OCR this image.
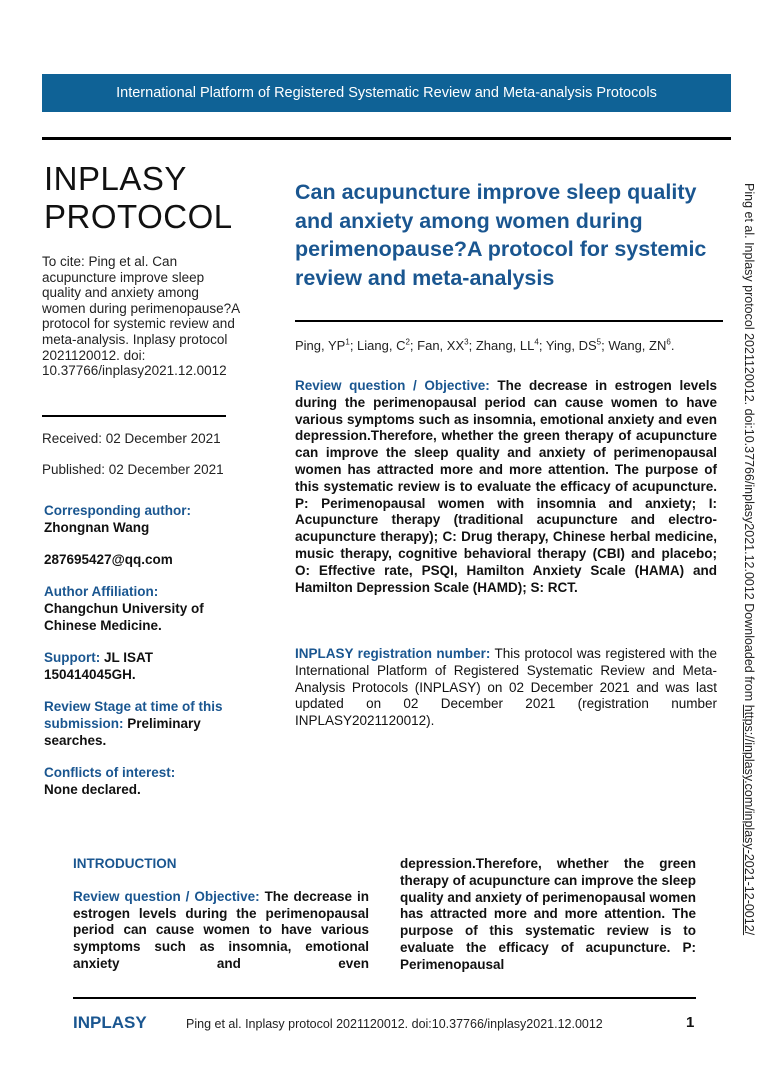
International Platform of Registered Systematic Review and Meta-analysis Protocols
INPLASY
PROTOCOL
To cite: Ping et al. Can acupuncture improve sleep quality and anxiety among women during perimenopause?A protocol for systemic review and meta-analysis. Inplasy protocol 2021120012. doi: 10.37766/inplasy2021.12.0012
Received: 02 December 2021
Published: 02 December 2021
Corresponding author:
Zhongnan Wang
287695427@qq.com
Author Affiliation:
Changchun University of Chinese Medicine.
Support: JL ISAT 150414045GH.
Review Stage at time of this submission: Preliminary searches.
Conflicts of interest:
None declared.
Can acupuncture improve sleep quality and anxiety among women during perimenopause?A protocol for systemic review and meta-analysis
Ping, $YP^1$; Liang, $C^2$; Fan, $XX^3$; Zhang, $LL^4$; Ying, $DS^5$; Wang, $ZN^6$.
Review question / Objective: The decrease in estrogen levels during the perimenopausal period can cause women to have various symptoms such as insomnia, emotional anxiety and even depression.Therefore, whether the green therapy of acupuncture can improve the sleep quality and anxiety of perimenopausal women has attracted more and more attention. The purpose of this systematic review is to evaluate the efficacy of acupuncture. P: Perimenopausal women with insomnia and anxiety; I: Acupuncture therapy (traditional acupuncture and electro-acupuncture therapy); C: Drug therapy, Chinese herbal medicine, music therapy, cognitive behavioral therapy (CBI) and placebo; O: Effective rate, PSQI, Hamilton Anxiety Scale (HAMA) and Hamilton Depression Scale (HAMD); S: RCT.
INPLASY registration number: This protocol was registered with the International Platform of Registered Systematic Review and Meta-Analysis Protocols (INPLASY) on 02 December 2021 and was last updated on 02 December 2021 (registration number INPLASY2021120012).
INTRODUCTION
Review question / Objective: The decrease in estrogen levels during the perimenopausal period can cause women to have various symptoms such as insomnia, emotional anxiety and even
depression.Therefore, whether the green therapy of acupuncture can improve the sleep quality and anxiety of perimenopausal women has attracted more and more attention. The purpose of this systematic review is to evaluate the efficacy of acupuncture. P: Perimenopausal
INPLASY	Ping et al. Inplasy protocol 2021120012. doi:10.37766/inplasy2021.12.0012	1
Ping et al. Inplasy protocol 2021120012. doi:10.37766/inplasy2021.12.0012 Downloaded from https://inplasy.com/inplasy-2021-12-0012/
